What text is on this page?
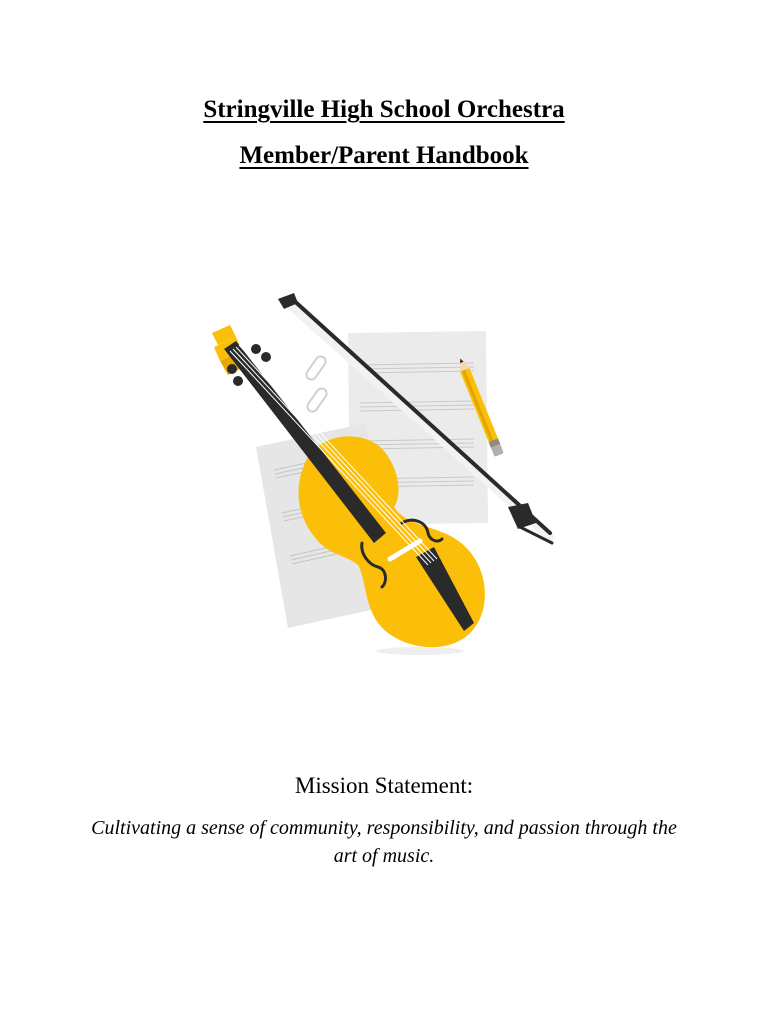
Stringville High School Orchestra
Member/Parent Handbook
Mission Statement:
Cultivating a sense of community, responsibility, and passion through the art of music.
